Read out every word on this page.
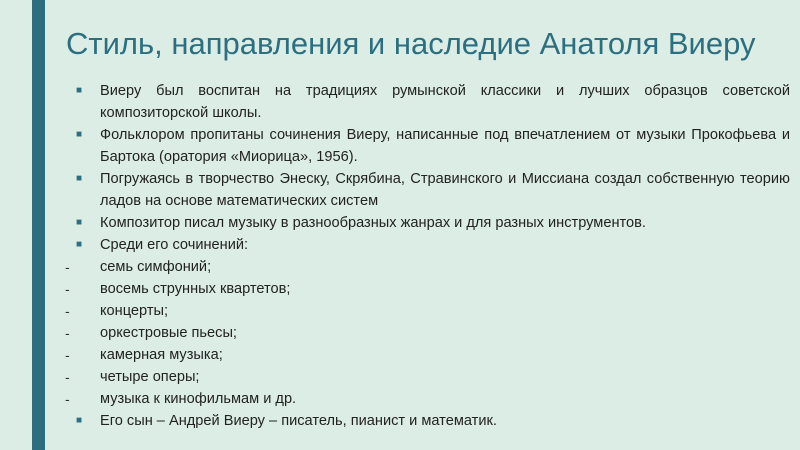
Стиль, направления и наследие Анатоля Виеру
■	Виеру был воспитан на традициях румынской классики и лучших образцов советской композиторской школы.
■	Фольклором пропитаны сочинения Виеру, написанные под впечатлением от музыки Прокофьева и Бартока (оратория «Миорица», 1956).
■	Погружаясь в творчество Энеску, Скрябина, Стравинского и Миссиана создал собственную теорию ладов на основе математических систем
■	Композитор писал музыку в разнообразных жанрах и для разных инструментов.
■	Среди его сочинений:
-	семь симфоний;
-	восемь струнных квартетов;
-	концерты;
-	оркестровые пьесы;
-	камерная музыка;
-	четыре оперы;
-	музыка к кинофильмам и др.
■	Его сын – Андрей Виеру – писатель, пианист и математик.
